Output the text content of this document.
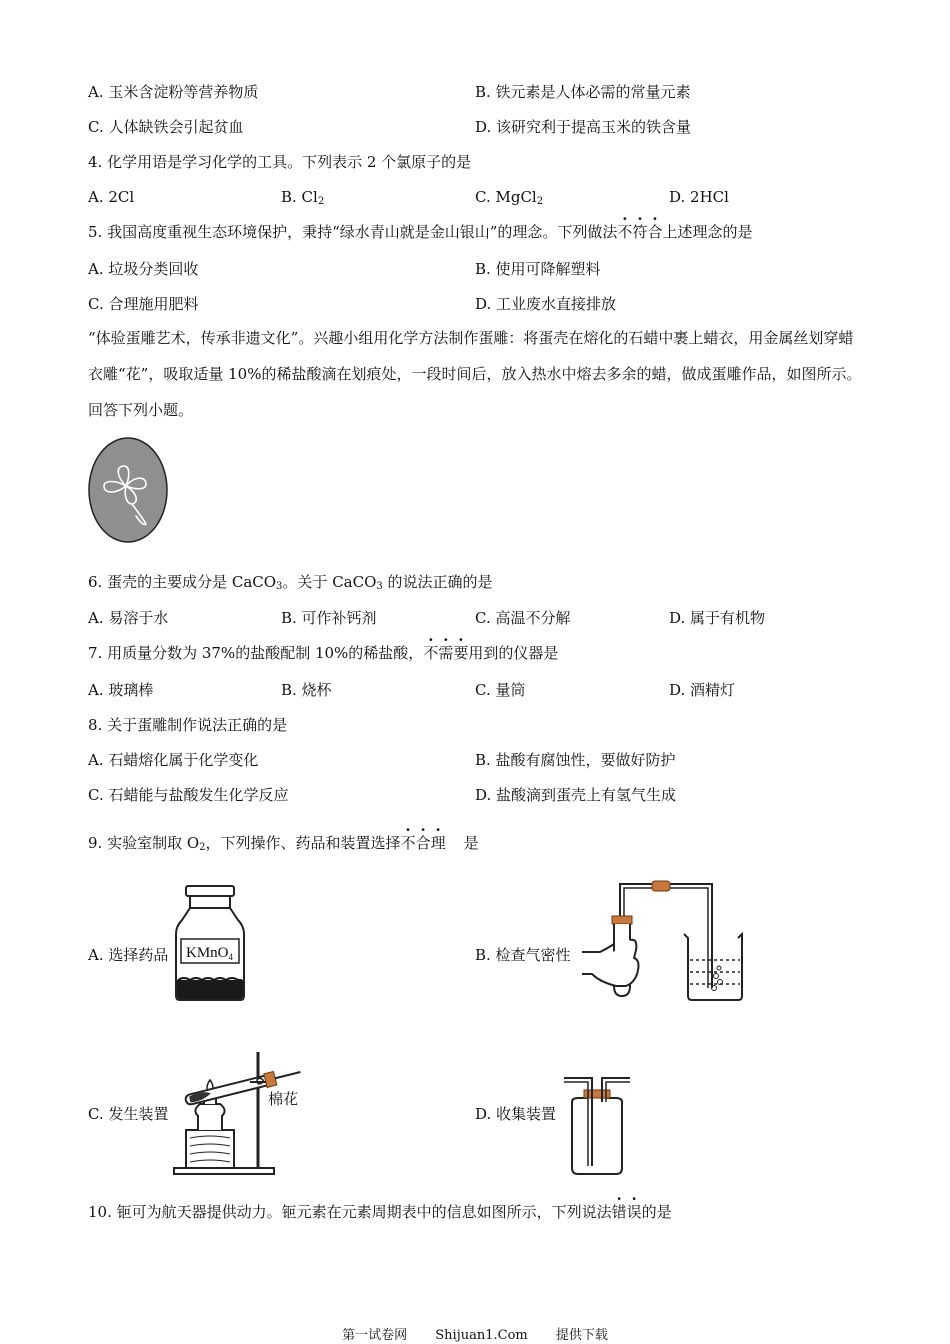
A. 玉米含淀粉等营养物质	B. 铁元素是人体必需的常量元素
C. 人体缺铁会引起贫血	D. 该研究利于提高玉米的铁含量
4. 化学用语是学习化学的工具。下列表示 2 个氯原子的是
A. 2Cl	B. $Cl_2$	C. MgCl$_2$	D. 2HCl
5. 我国高度重视生态环境保护，秉持“绿水青山就是金山银山”的理念。下列做法不符合上述理念的是
A. 垃圾分类回收	B. 使用可降解塑料
C. 合理施用肥料	D. 工业废水直接排放
“体验蛋雕艺术，传承非遗文化”。兴趣小组用化学方法制作蛋雕：将蛋壳在熔化的石蜡中裹上蜡衣，用金属丝划穿蜡衣雕“花”，吸取适量 10%的稀盐酸滴在划痕处，一段时间后，放入热水中熔去多余的蜡，做成蛋雕作品，如图所示。回答下列小题。
6. 蛋壳的主要成分是 CaCO$_3$。关于 CaCO$_3$ 的说法正确的是
A. 易溶于水	B. 可作补钙剂	C. 高温不分解	D. 属于有机物
7. 用质量分数为 37%的盐酸配制 10%的稀盐酸，不需要用到的仪器是
A. 玻璃棒	B. 烧杯	C. 量筒	D. 酒精灯
8. 关于蛋雕制作说法正确的是
A. 石蜡熔化属于化学变化	B. 盐酸有腐蚀性，要做好防护
C. 石蜡能与盐酸发生化学反应	D. 盐酸滴到蛋壳上有氢气生成
9. 实验室制取 $O_2$，下列操作、药品和装置选择不合理 是
A. 选择药品	B. 检查气密性
C. 发生装置	D. 收集装置
KMnO$_4$
棉花
10. 钷可为航天器提供动力。钷元素在元素周期表中的信息如图所示，下列说法错误的是
第一试卷网 Shijuan1.Com 提供下载
